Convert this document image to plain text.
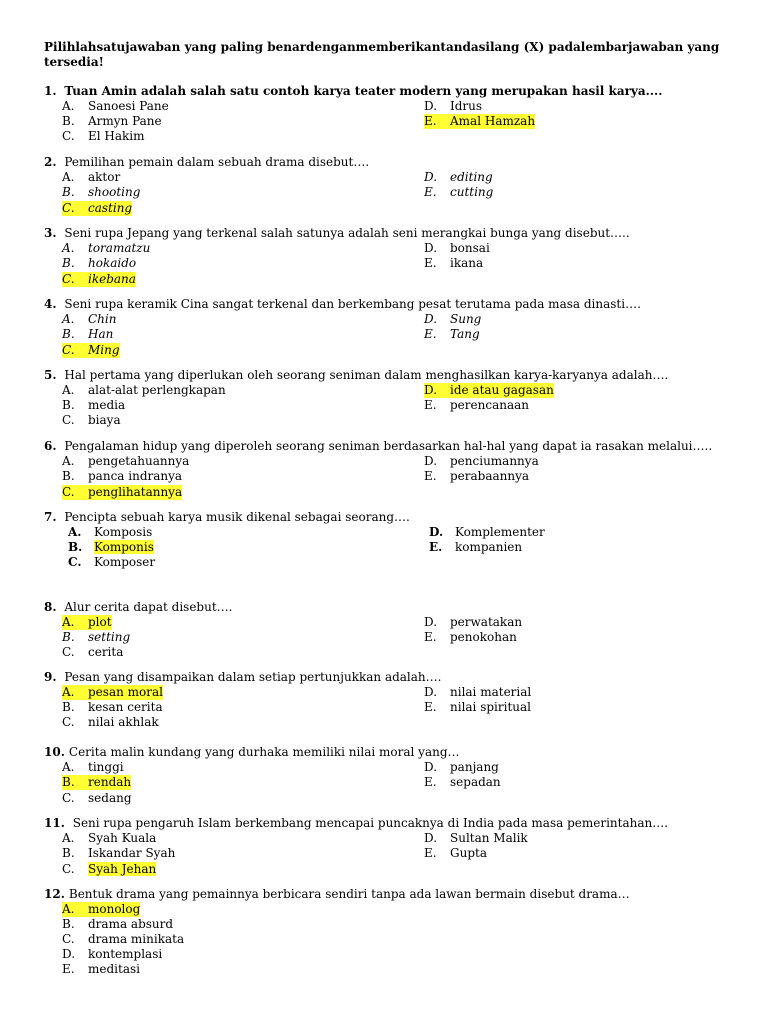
Pilihlahsatujawaban yang paling benardenganmemberikantandasilang (X) padalembarjawaban yang tersedia!
1. Tuan Amin adalah salah satu contoh karya teater modern yang merupakan hasil karya....
A. Sanoesi Pane
B. Armyn Pane
C. El Hakim
D. Idrus
E. Amal Hamzah
2. Pemilihan pemain dalam sebuah drama disebut….
A. aktor
B. shooting
C. casting
D. editing
E. cutting
3. Seni rupa Jepang yang terkenal salah satunya adalah seni merangkai bunga yang disebut…..
A. toramatzu
B. hokaido
C. ikebana
D. bonsai
E. ikana
4. Seni rupa keramik Cina sangat terkenal dan berkembang pesat terutama pada masa dinasti….
A. Chin
B. Han
C. Ming
D. Sung
E. Tang
5. Hal pertama yang diperlukan oleh seorang seniman dalam menghasilkan karya-karyanya adalah….
A. alat-alat perlengkapan
B. media
C. biaya
D. ide atau gagasan
E. perencanaan
6. Pengalaman hidup yang diperoleh seorang seniman berdasarkan hal-hal yang dapat ia rasakan melalui…..
A. pengetahuannya
B. panca indranya
C. penglihatannya
D. penciumannya
E. perabaannya
7. Pencipta sebuah karya musik dikenal sebagai seorang….
A. Komposis
B. Komponis
C. Komposer
D. Komplementer
E. kompanien
8. Alur cerita dapat disebut….
A. plot
B. setting
C. cerita
D. perwatakan
E. penokohan
9. Pesan yang disampaikan dalam setiap pertunjukkan adalah….
A. pesan moral
B. kesan cerita
C. nilai akhlak
D. nilai material
E. nilai spiritual
10. Cerita malin kundang yang durhaka memiliki nilai moral yang…
A. tinggi
B. rendah
C. sedang
D. panjang
E. sepadan
11. Seni rupa pengaruh Islam berkembang mencapai puncaknya di India pada masa pemerintahan….
A. Syah Kuala
B. Iskandar Syah
C. Syah Jehan
D. Sultan Malik
E. Gupta
12. Bentuk drama yang pemainnya berbicara sendiri tanpa ada lawan bermain disebut drama…
A. monolog
B. drama absurd
C. drama minikata
D. kontemplasi
E. meditasi
